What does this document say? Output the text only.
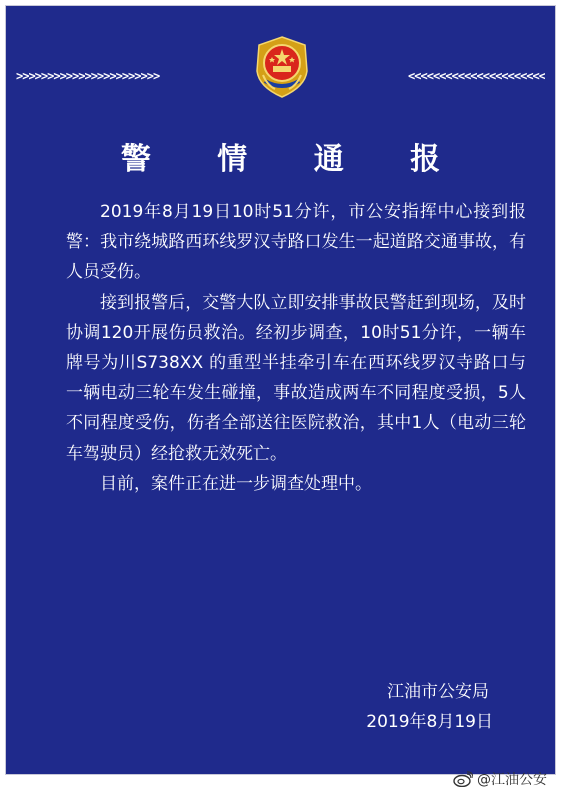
>>>>>>>>>>>>>>>>>>>>>>>	<<<<<<<<<<<<<<<<<<<<<<
警 情 通 报

2019年8月19日10时51分许，市公安指挥中心接到报警：我市绕城路西环线罗汉寺路口发生一起道路交通事故，有人员受伤。

接到报警后，交警大队立即安排事故民警赶到现场，及时协调120开展伤员救治。经初步调查，10时51分许，一辆车牌号为川S738XX 的重型半挂牵引车在西环线罗汉寺路口与一辆电动三轮车发生碰撞，事故造成两车不同程度受损，5人不同程度受伤，伤者全部送往医院救治，其中1人（电动三轮车驾驶员）经抢救无效死亡。

目前，案件正在进一步调查处理中。

江油市公安局
2019年8月19日
@江油公安
